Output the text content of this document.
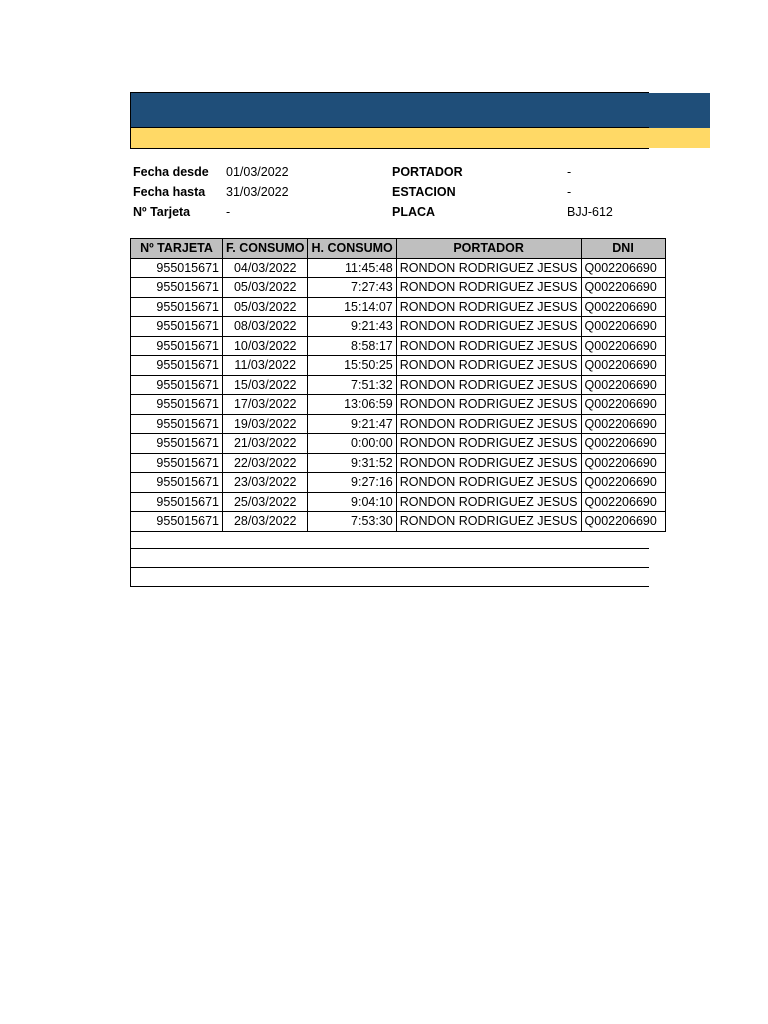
Fecha desde 01/03/2022
Fecha hasta 31/03/2022
Nº Tarjeta	-
PORTADOR	-
ESTACION	-
PLACA	BJJ-612
Nº TARJETA	F. CONSUMO	H. CONSUMO	PORTADOR	DNI
955015671	04/03/2022	11:45:48	RONDON RODRIGUEZ JESUS	Q002206690
955015671	05/03/2022	7:27:43	RONDON RODRIGUEZ JESUS	Q002206690
955015671	05/03/2022	15:14:07	RONDON RODRIGUEZ JESUS	Q002206690
955015671	08/03/2022	9:21:43	RONDON RODRIGUEZ JESUS	Q002206690
955015671	10/03/2022	8:58:17	RONDON RODRIGUEZ JESUS	Q002206690
955015671	11/03/2022	15:50:25	RONDON RODRIGUEZ JESUS	Q002206690
955015671	15/03/2022	7:51:32	RONDON RODRIGUEZ JESUS	Q002206690
955015671	17/03/2022	13:06:59	RONDON RODRIGUEZ JESUS	Q002206690
955015671	19/03/2022	9:21:47	RONDON RODRIGUEZ JESUS	Q002206690
955015671	21/03/2022	0:00:00	RONDON RODRIGUEZ JESUS	Q002206690
955015671	22/03/2022	9:31:52	RONDON RODRIGUEZ JESUS	Q002206690
955015671	23/03/2022	9:27:16	RONDON RODRIGUEZ JESUS	Q002206690
955015671	25/03/2022	9:04:10	RONDON RODRIGUEZ JESUS	Q002206690
955015671	28/03/2022	7:53:30	RONDON RODRIGUEZ JESUS	Q002206690
